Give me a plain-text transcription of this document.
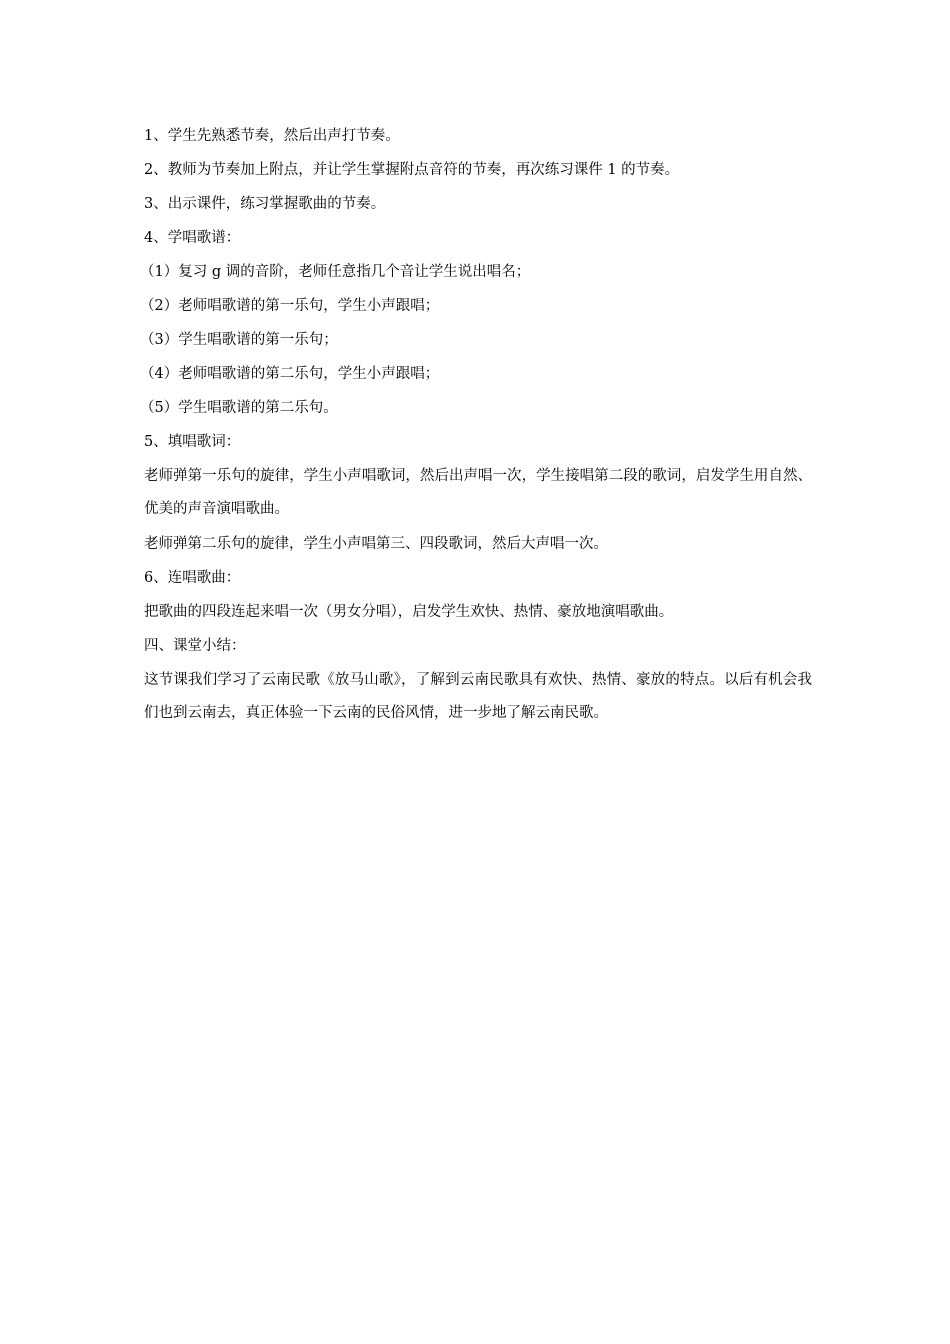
1、学生先熟悉节奏，然后出声打节奏。

2、教师为节奏加上附点，并让学生掌握附点音符的节奏，再次练习课件 1 的节奏。

3、出示课件，练习掌握歌曲的节奏。

4、学唱歌谱：

（1）复习 g 调的音阶，老师任意指几个音让学生说出唱名；

（2）老师唱歌谱的第一乐句，学生小声跟唱；

（3）学生唱歌谱的第一乐句；

（4）老师唱歌谱的第二乐句，学生小声跟唱；

（5）学生唱歌谱的第二乐句。

5、填唱歌词：

老师弹第一乐句的旋律，学生小声唱歌词，然后出声唱一次，学生接唱第二段的歌词，启发学生用自然、优美的声音演唱歌曲。

老师弹第二乐句的旋律，学生小声唱第三、四段歌词，然后大声唱一次。

6、连唱歌曲：

把歌曲的四段连起来唱一次（男女分唱），启发学生欢快、热情、豪放地演唱歌曲。

四、课堂小结：

这节课我们学习了云南民歌《放马山歌》，了解到云南民歌具有欢快、热情、豪放的特点。以后有机会我们也到云南去，真正体验一下云南的民俗风情，进一步地了解云南民歌。
